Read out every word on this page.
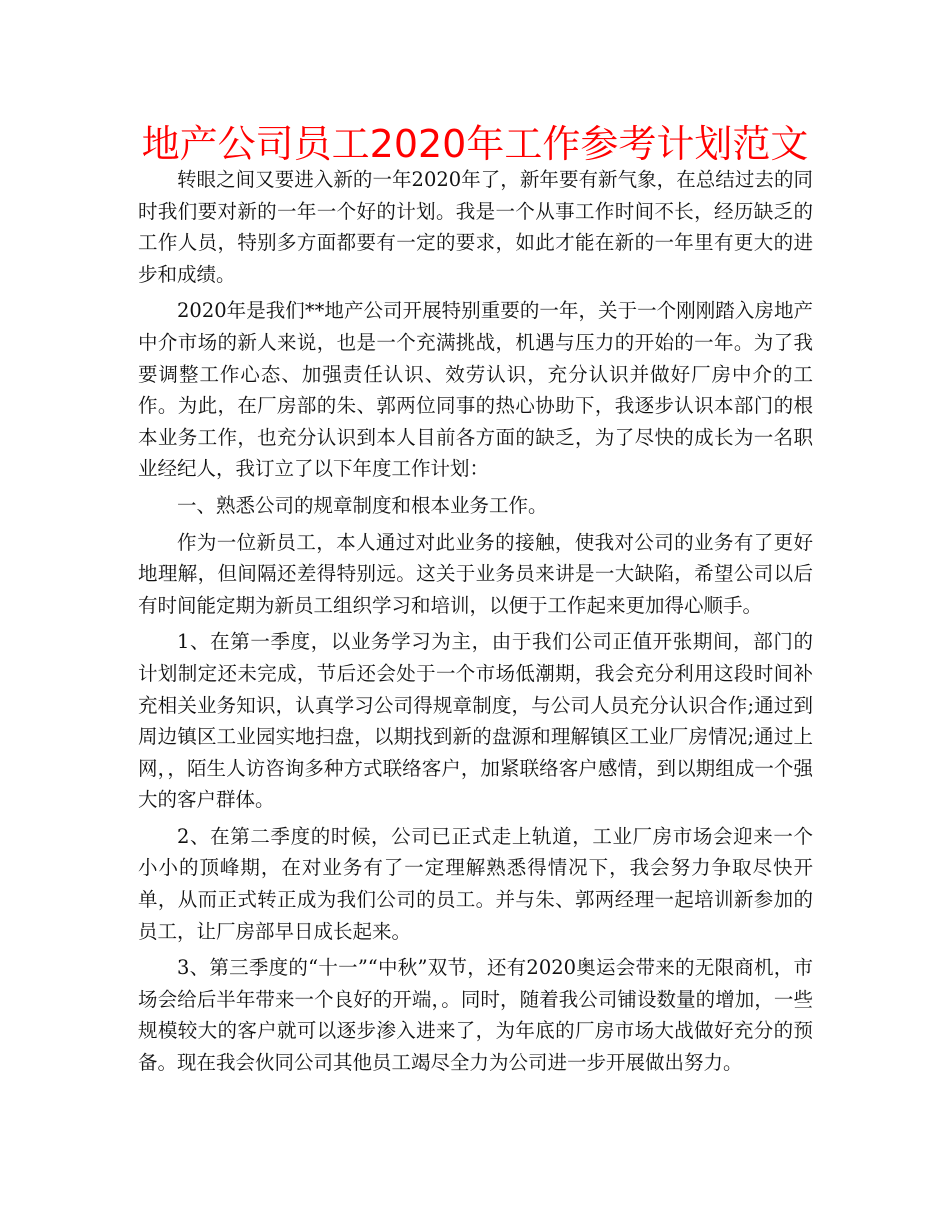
地产公司员工2020年工作参考计划范文

转眼之间又要进入新的一年2020年了，新年要有新气象，在总结过去的同时我们要对新的一年一个好的计划。我是一个从事工作时间不长，经历缺乏的工作人员，特别多方面都要有一定的要求，如此才能在新的一年里有更大的进步和成绩。

2020年是我们**地产公司开展特别重要的一年，关于一个刚刚踏入房地产中介市场的新人来说，也是一个充满挑战，机遇与压力的开始的一年。为了我要调整工作心态、加强责任认识、效劳认识，充分认识并做好厂房中介的工作。为此，在厂房部的朱、郭两位同事的热心协助下，我逐步认识本部门的根本业务工作，也充分认识到本人目前各方面的缺乏，为了尽快的成长为一名职业经纪人，我订立了以下年度工作计划：

一、熟悉公司的规章制度和根本业务工作。

作为一位新员工，本人通过对此业务的接触，使我对公司的业务有了更好地理解，但间隔还差得特别远。这关于业务员来讲是一大缺陷，希望公司以后有时间能定期为新员工组织学习和培训，以便于工作起来更加得心顺手。

1、在第一季度，以业务学习为主，由于我们公司正值开张期间，部门的计划制定还未完成，节后还会处于一个市场低潮期，我会充分利用这段时间补充相关业务知识，认真学习公司得规章制度，与公司人员充分认识合作;通过到周边镇区工业园实地扫盘，以期找到新的盘源和理解镇区工业厂房情况;通过上网，，陌生人访咨询多种方式联络客户，加紧联络客户感情，到以期组成一个强大的客户群体。

2、在第二季度的时候，公司已正式走上轨道，工业厂房市场会迎来一个小小的顶峰期，在对业务有了一定理解熟悉得情况下，我会努力争取尽快开单，从而正式转正成为我们公司的员工。并与朱、郭两经理一起培训新参加的员工，让厂房部早日成长起来。

3、第三季度的“十一”“中秋”双节，还有2020奥运会带来的无限商机，市场会给后半年带来一个良好的开端，。同时，随着我公司铺设数量的增加，一些规模较大的客户就可以逐步渗入进来了，为年底的厂房市场大战做好充分的预备。现在我会伙同公司其他员工竭尽全力为公司进一步开展做出努力。
